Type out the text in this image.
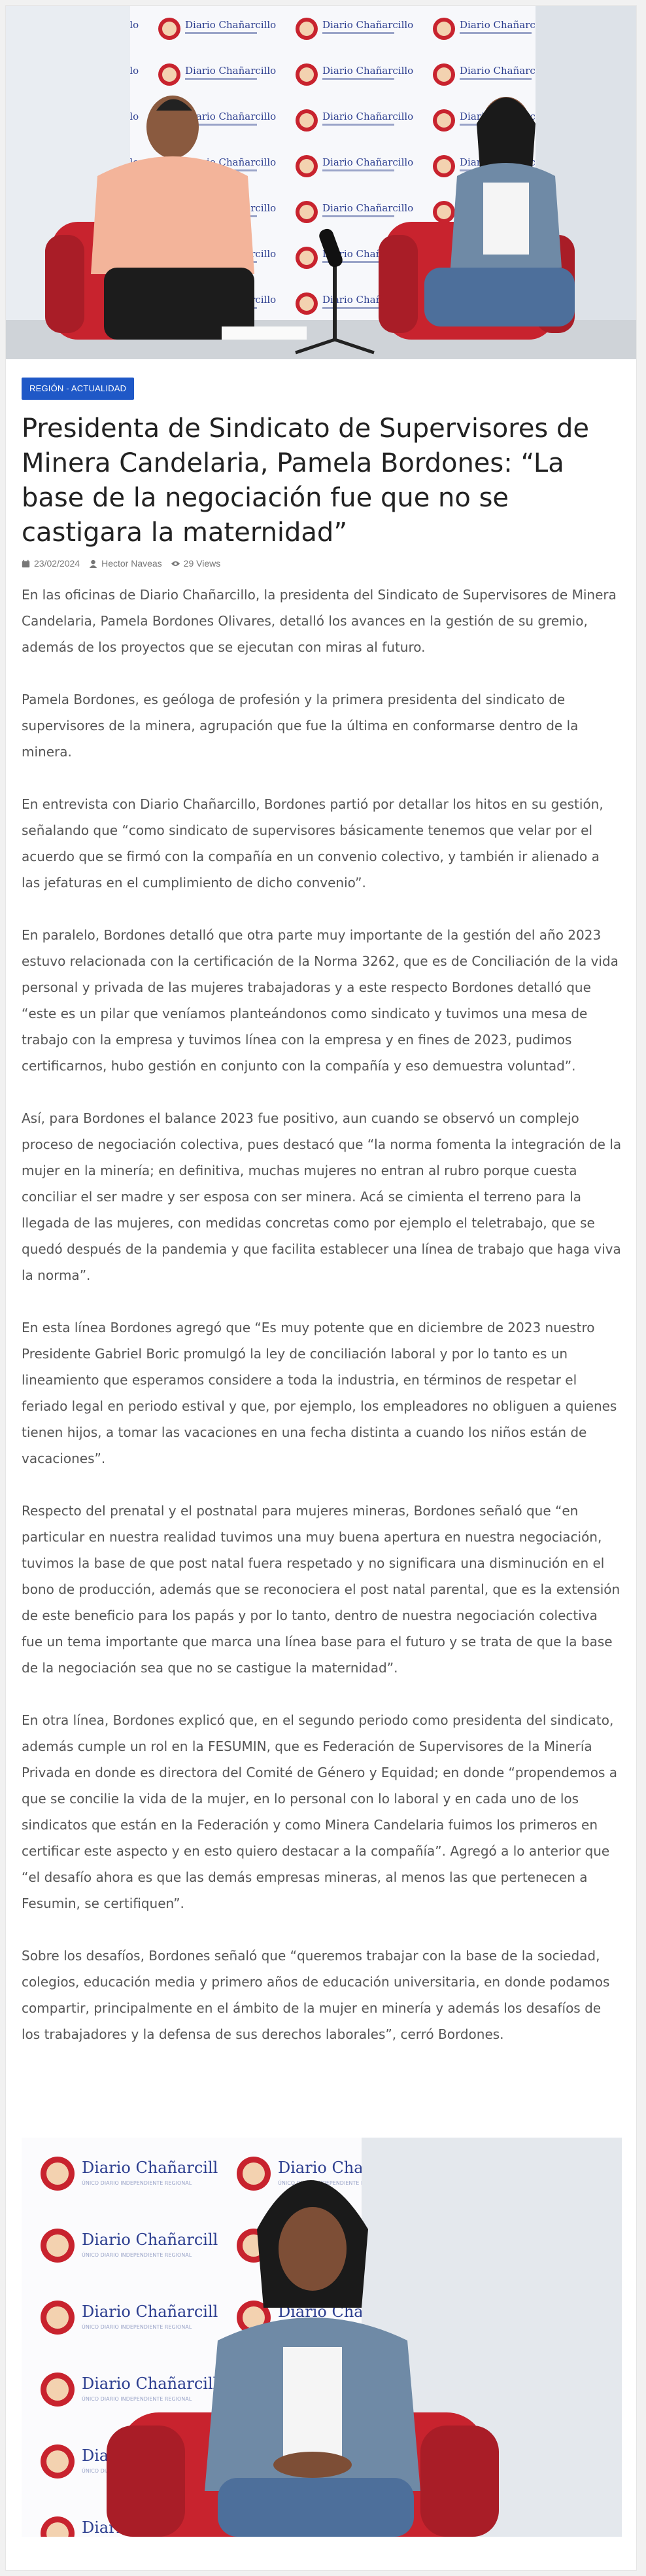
REGIÓN - ACTUALIDAD
Presidenta de Sindicato de Supervisores de Minera Candelaria, Pamela Bordones: “La base de la negociación fue que no se castigara la maternidad”
23/02/2024 Hector Naveas 29 Views

En las oficinas de Diario Chañarcillo, la presidenta del Sindicato de Supervisores de Minera Candelaria, Pamela Bordones Olivares, detalló los avances en la gestión de su gremio, además de los proyectos que se ejecutan con miras al futuro.

Pamela Bordones, es geóloga de profesión y la primera presidenta del sindicato de supervisores de la minera, agrupación que fue la última en conformarse dentro de la minera.

En entrevista con Diario Chañarcillo, Bordones partió por detallar los hitos en su gestión, señalando que “como sindicato de supervisores básicamente tenemos que velar por el acuerdo que se firmó con la compañía en un convenio colectivo, y también ir alienado a las jefaturas en el cumplimiento de dicho convenio”.

En paralelo, Bordones detalló que otra parte muy importante de la gestión del año 2023 estuvo relacionada con la certificación de la Norma 3262, que es de Conciliación de la vida personal y privada de las mujeres trabajadoras y a este respecto Bordones detalló que “este es un pilar que veníamos planteándonos como sindicato y tuvimos una mesa de trabajo con la empresa y tuvimos línea con la empresa y en fines de 2023, pudimos certificarnos, hubo gestión en conjunto con la compañía y eso demuestra voluntad”.

Así, para Bordones el balance 2023 fue positivo, aun cuando se observó un complejo proceso de negociación colectiva, pues destacó que “la norma fomenta la integración de la mujer en la minería; en definitiva, muchas mujeres no entran al rubro porque cuesta conciliar el ser madre y ser esposa con ser minera. Acá se cimienta el terreno para la llegada de las mujeres, con medidas concretas como por ejemplo el teletrabajo, que se quedó después de la pandemia y que facilita establecer una línea de trabajo que haga viva la norma”.

En esta línea Bordones agregó que “Es muy potente que en diciembre de 2023 nuestro Presidente Gabriel Boric promulgó la ley de conciliación laboral y por lo tanto es un lineamiento que esperamos considere a toda la industria, en términos de respetar el feriado legal en periodo estival y que, por ejemplo, los empleadores no obliguen a quienes tienen hijos, a tomar las vacaciones en una fecha distinta a cuando los niños están de vacaciones”.

Respecto del prenatal y el postnatal para mujeres mineras, Bordones señaló que “en particular en nuestra realidad tuvimos una muy buena apertura en nuestra negociación, tuvimos la base de que post natal fuera respetado y no significara una disminución en el bono de producción, además que se reconociera el post natal parental, que es la extensión de este beneficio para los papás y por lo tanto, dentro de nuestra negociación colectiva fue un tema importante que marca una línea base para el futuro y se trata de que la base de la negociación sea que no se castigue la maternidad”.

En otra línea, Bordones explicó que, en el segundo periodo como presidenta del sindicato, además cumple un rol en la FESUMIN, que es Federación de Supervisores de la Minería Privada en donde es directora del Comité de Género y Equidad; en donde “propendemos a que se concilie la vida de la mujer, en lo personal con lo laboral y en cada uno de los sindicatos que están en la Federación y como Minera Candelaria fuimos los primeros en certificar este aspecto y en esto quiero destacar a la compañía”. Agregó a lo anterior que “el desafío ahora es que las demás empresas mineras, al menos las que pertenecen a Fesumin, se certifiquen”.

Sobre los desafíos, Bordones señaló que “queremos trabajar con la base de la sociedad, colegios, educación media y primero años de educación universitaria, en donde podamos compartir, principalmente en el ámbito de la mujer en minería y además los desafíos de los trabajadores y la defensa de sus derechos laborales”, cerró Bordones.
